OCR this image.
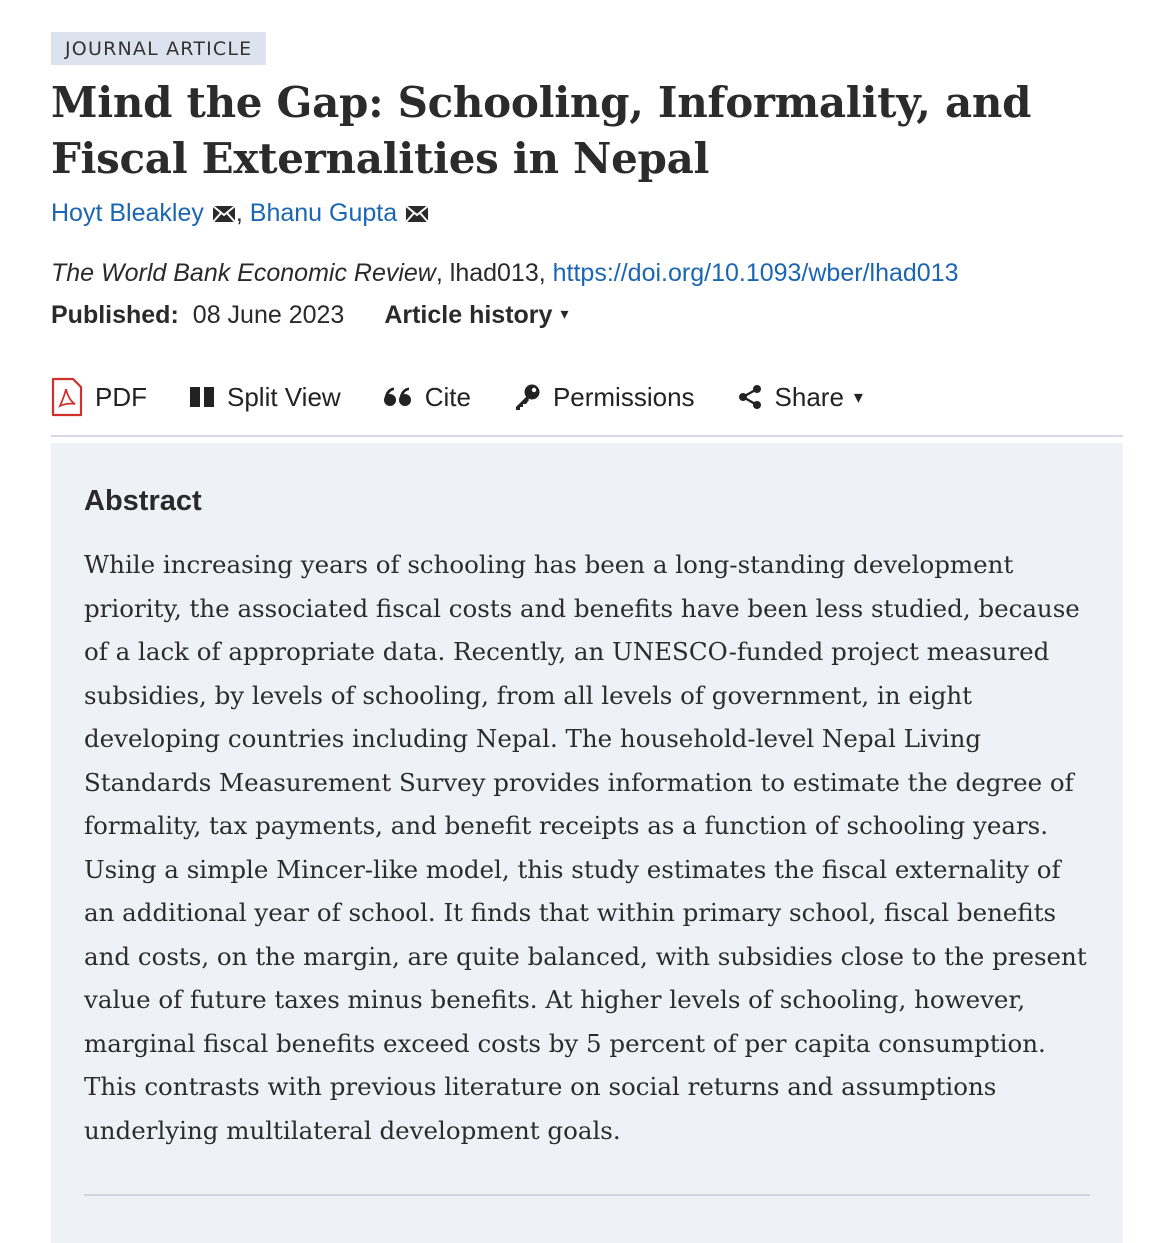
JOURNAL ARTICLE
Mind the Gap: Schooling, Informality, and Fiscal Externalities in Nepal
Hoyt Bleakley , Bhanu Gupta
The World Bank Economic Review, lhad013, https://doi.org/10.1093/wber/lhad013
Published: 08 June 2023 Article history ▾
PDF	Split View	Cite	Permissions	Share ▾
Abstract
While increasing years of schooling has been a long-standing development priority, the associated fiscal costs and benefits have been less studied, because of a lack of appropriate data. Recently, an UNESCO-funded project measured subsidies, by levels of schooling, from all levels of government, in eight developing countries including Nepal. The household-level Nepal Living Standards Measurement Survey provides information to estimate the degree of formality, tax payments, and benefit receipts as a function of schooling years. Using a simple Mincer-like model, this study estimates the fiscal externality of an additional year of school. It finds that within primary school, fiscal benefits and costs, on the margin, are quite balanced, with subsidies close to the present value of future taxes minus benefits. At higher levels of schooling, however, marginal fiscal benefits exceed costs by 5 percent of per capita consumption. This contrasts with previous literature on social returns and assumptions underlying multilateral development goals.
